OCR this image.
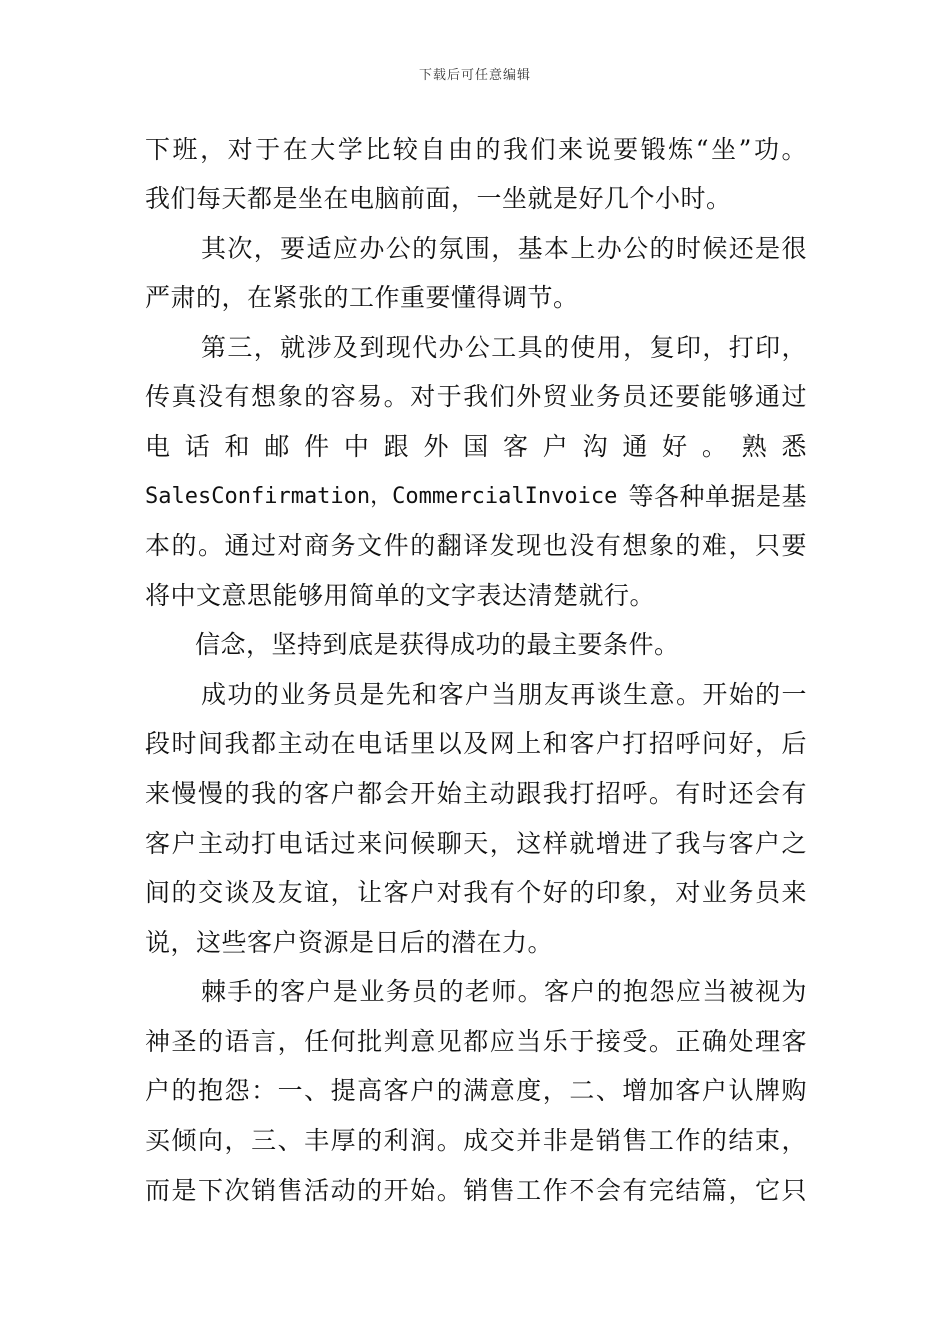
下载后可任意编辑
下班，对于在大学比较自由的我们来说要锻炼“坐”功。
我们每天都是坐在电脑前面，一坐就是好几个小时。
其次，要适应办公的氛围，基本上办公的时候还是很
严肃的，在紧张的工作重要懂得调节。
第三，就涉及到现代办公工具的使用，复印，打印，
传真没有想象的容易。对于我们外贸业务员还要能够通过
电 话 和 邮 件 中 跟 外 国 客 户 沟 通 好 。 熟 悉
SalesConfirmation，CommercialInvoice 等各种单据是基
本的。通过对商务文件的翻译发现也没有想象的难，只要
将中文意思能够用简单的文字表达清楚就行。
信念，坚持到底是获得成功的最主要条件。
成功的业务员是先和客户当朋友再谈生意。开始的一
段时间我都主动在电话里以及网上和客户打招呼问好，后
来慢慢的我的客户都会开始主动跟我打招呼。有时还会有
客户主动打电话过来问候聊天，这样就增进了我与客户之
间的交谈及友谊，让客户对我有个好的印象，对业务员来
说，这些客户资源是日后的潜在力。
棘手的客户是业务员的老师。客户的抱怨应当被视为
神圣的语言，任何批判意见都应当乐于接受。正确处理客
户的抱怨：一、提高客户的满意度，二、增加客户认牌购
买倾向，三、丰厚的利润。成交并非是销售工作的结束，
而是下次销售活动的开始。销售工作不会有完结篇，它只
